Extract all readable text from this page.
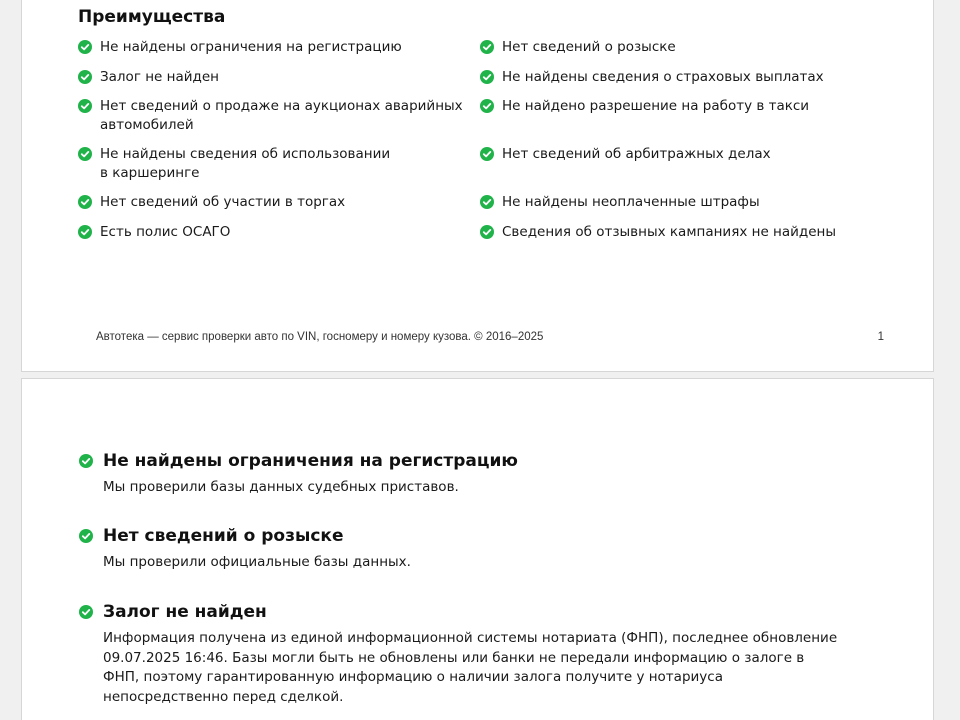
Преимущества
Не найдены ограничения на регистрацию
Залог не найден
Нет сведений о продаже на аукционах аварийных автомобилей
Не найдены сведения об использовании в каршеринге
Нет сведений об участии в торгах
Есть полис ОСАГО
Нет сведений о розыске
Не найдены сведения о страховых выплатах
Не найдено разрешение на работу в такси
Нет сведений об арбитражных делах
Не найдены неоплаченные штрафы
Сведения об отзывных кампаниях не найдены
Автотека — сервис проверки авто по VIN, госномеру и номеру кузова. © 2016–2025	1
Не найдены ограничения на регистрацию

Мы проверили базы данных судебных приставов.

Нет сведений о розыске

Мы проверили официальные базы данных.

Залог не найден

Информация получена из единой информационной системы нотариата (ФНП), последнее обновление 09.07.2025 16:46. Базы могли быть не обновлены или банки не передали информацию о залоге в ФНП, поэтому гарантированную информацию о наличии залога получите у нотариуса непосредственно перед сделкой.
